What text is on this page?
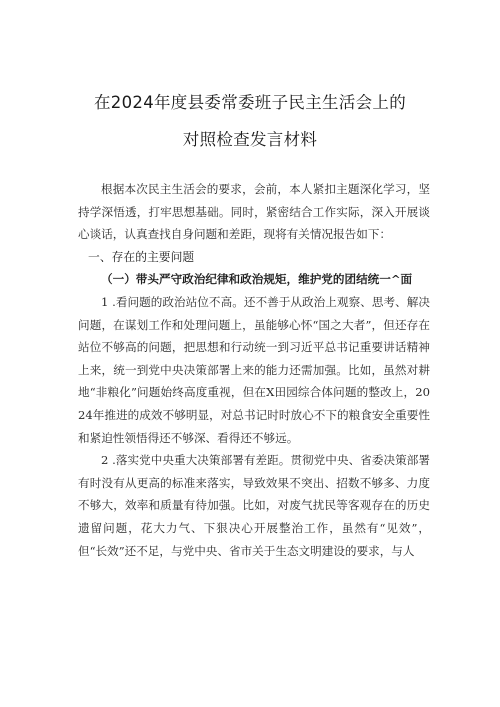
在2024年度县委常委班子民主生活会上的
对照检查发言材料

根据本次民主生活会的要求，会前，本人紧扣主题深化学习，坚持学深悟透，打牢思想基础。同时，紧密结合工作实际，深入开展谈心谈话，认真查找自身问题和差距，现将有关情况报告如下：

一、存在的主要问题

（一）带头严守政治纪律和政治规矩，维护党的团结统一^面

1 .看问题的政治站位不高。还不善于从政治上观察、思考、解决问题，在谋划工作和处理问题上，虽能够心怀“国之大者”，但还存在站位不够高的问题，把思想和行动统一到习近平总书记重要讲话精神上来，统一到党中央决策部署上来的能力还需加强。比如，虽然对耕地“非粮化”问题始终高度重视，但在X田园综合体问题的整改上，2024年推进的成效不够明显，对总书记时时放心不下的粮食安全重要性和紧迫性领悟得还不够深、看得还不够远。

2 .落实党中央重大决策部署有差距。贯彻党中央、省委决策部署有时没有从更高的标准来落实，导致效果不突出、招数不够多、力度不够大，效率和质量有待加强。比如，对废气扰民等客观存在的历史遗留问题，花大力气、下狠决心开展整治工作，虽然有“见效”，但“长效”还不足，与党中央、省市关于生态文明建设的要求，与人
